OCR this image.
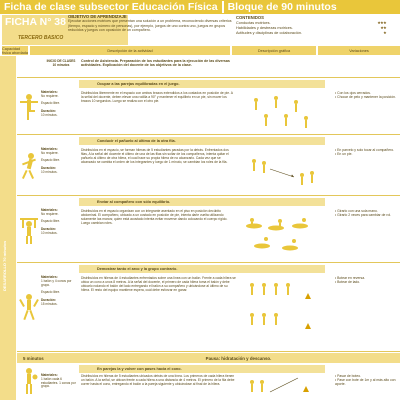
Ficha de clase subsector Educación Física Bloque de 90 minutos
FICHA N° 38
TERCERO BASICO
OBJETIVO DE APRENDIZAJE
Ejecutar acciones motrices que presentan una solución a un problema, reconociendo diversas criterios (tiempo, espacio y número de personas), por ejemplo, juegos de uno contra uno, juegos en grupos reducidos y juegos con oposición de un compañero.
CONTENIDOS
Conductas motrices.	★★★
Habilidades y destrezas motrices.	★★
Actitudes y disciplinas de colaboración.	★
Capacidad física abordada	Descripción de la actividad	Descripción gráfica	Variaciones
DESARROLLO 70 minutos
INICIO DE CLASES
10 minutos
Control de Asistencia. Preparación de los estudiantes para la ejecución de las diversas actividades. Explicación del docente de los objetivos de la clase.
Ocupar a las parejas equilibradas en el juego.
Materiales:
No requiere.

Espacio libre.

Duración:
10 minutos.
Distribuidos libremente en el espacio con ambos brazos extendidos a los costados en posición de pie. A la señal del docente, deben elevar una rodilla a 90° y mantener el equilibrio en un pie, sin mover los brazos 10 segundos. Luego se realiza con el otro pie.
• Con los ojos cerrados.
• Chocar de pelo y mantener la posición.
Conducir el pañuelo al último de la otra fila.
Materiales:
No requiere.

Espacio libre.

Duración:
10 minutos.
Distribuidos en el espacio, se forman hileras de 5 estudiantes paradas por la detrás. Enfrentados dos filas, A la señal del docente el último de una de las filas sin soltar de los compañeros, intenta quitar el pañuelo al último de otra hilera, el cual hace su propia hilera de no alcanzarlo. Cada vez que se alcanzado se cambia el orden de los integrantes y luego de 1 minuto, se cambian los roles de la fila.
• En parvelo y solo tocar al compañero.
• En un pie.
Enviar al compañero con sólo equilibrio.
Materiales:
No requiere.

Espacio libre.

Duración:
10 minutos.
Distribuidos en el espacio organizan con un integrante asentado en el piso en posición decúbito abdominal. El compañero, ubicado a un costado en posición de pie, intenta darle vuelta utilizando solamente las manos; quien está acostado intenta evitar moverse dando colocando el cuerpo rígido. Luego cambian roles.
• Girarlo con una sola mano.
• Girarlo 2 veces para cambiar de rol.
Demostrar tanto el arco y la grupo contrario.
Materiales:
1 balón y 4 conos por grupo.

Espacio libre.

Duración:
15 minutos.
Distribuidos en hileras de 4 estudiantes enfrentados sobre una línea con un balón. Frente a cada hilera se ubica un cono a unos 8 metros. A la señal del docente, el primero de cada hilera toma el balón y debe ubicarlo rodando el balón del lado entregando el balón a su compañero y ubicándose al último de su hilera. El resto del equipo mantiene espera, cuál debe esforzar en ganar.
• Botear en reversa.
• Botear de lado.
5 minutos	Pausa: hidratación y descanso.
En parejas la y volver con pases hacia el cono.
Materiales:
1 balón cada 6 estudiantes. 1 conos por grupo.
Distribuidos en hileras de 5 estudiantes ubicados detrás de una línea. Los primeros de cada hilera tienen un balón. A la señal, se ubican frente a cada hilera a una distancia de 4 metros. El primero de la fila debe correr hasta el cono, entregando el balón a la pareja siguiente y ubicándose al final de la hilera.
• Pasar de boteo.
• Pase con bote de 1m y al más alto con aporte.
